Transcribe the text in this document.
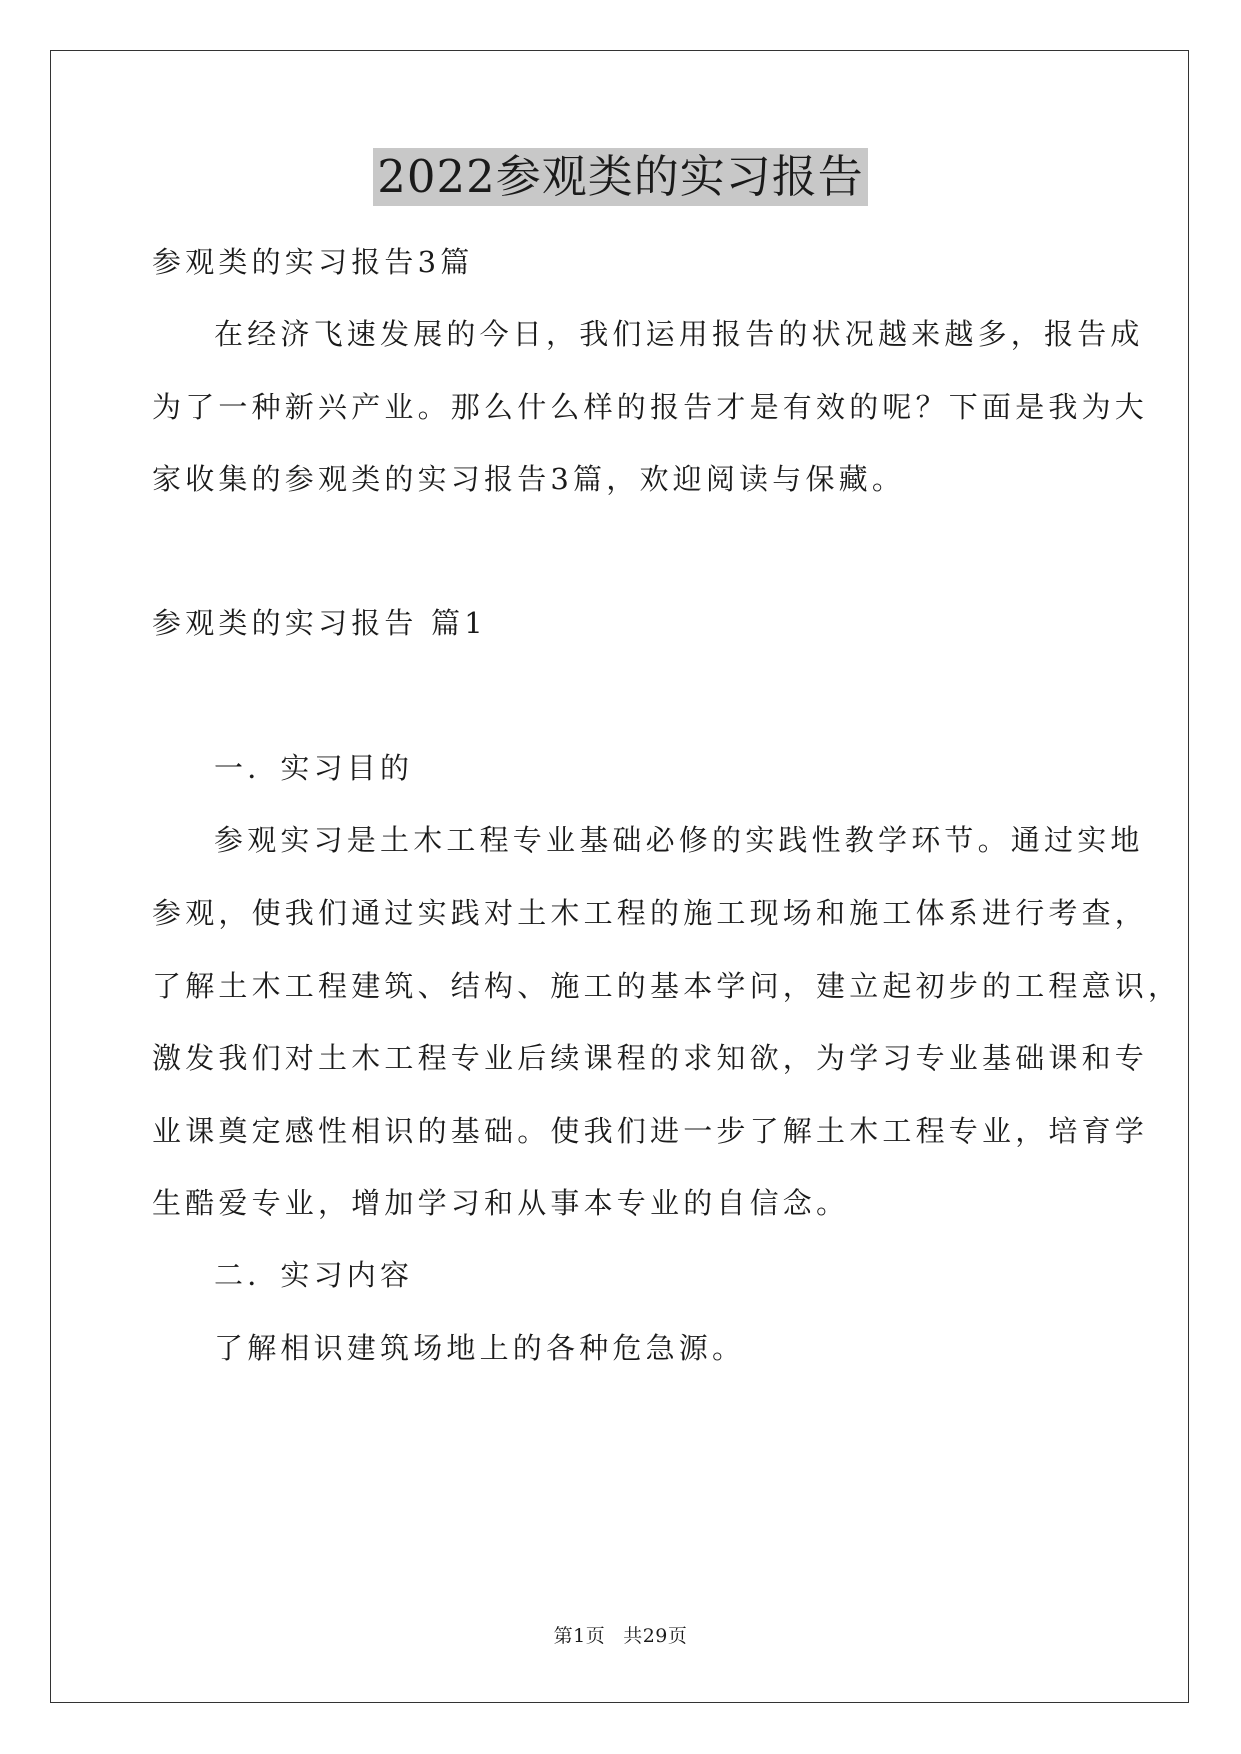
2022参观类的实习报告
参观类的实习报告3篇
在经济飞速发展的今日，我们运用报告的状况越来越多，报告成
为了一种新兴产业。那么什么样的报告才是有效的呢？下面是我为大
家收集的参观类的实习报告3篇，欢迎阅读与保藏。
参观类的实习报告 篇1
一．实习目的
参观实习是土木工程专业基础必修的实践性教学环节。通过实地
参观，使我们通过实践对土木工程的施工现场和施工体系进行考查，
了解土木工程建筑、结构、施工的基本学问，建立起初步的工程意识，
激发我们对土木工程专业后续课程的求知欲，为学习专业基础课和专
业课奠定感性相识的基础。使我们进一步了解土木工程专业，培育学
生酷爱专业，增加学习和从事本专业的自信念。
二．实习内容
了解相识建筑场地上的各种危急源。
第1页 共29页
